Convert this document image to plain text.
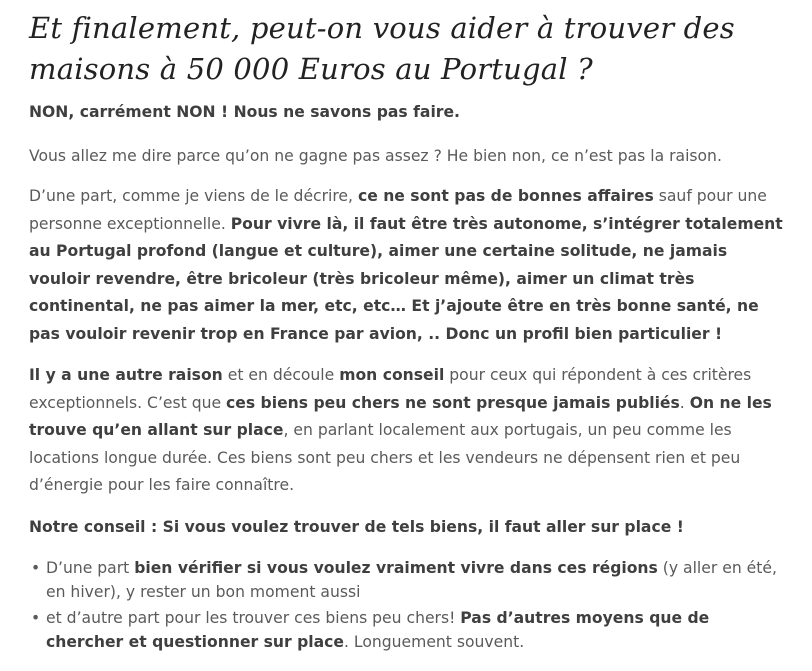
Et finalement, peut-on vous aider à trouver des maisons à 50 000 Euros au Portugal ?

NON, carrément NON ! Nous ne savons pas faire.

Vous allez me dire parce qu’on ne gagne pas assez ? He bien non, ce n’est pas la raison.

D’une part, comme je viens de le décrire, ce ne sont pas de bonnes affaires sauf pour une personne exceptionnelle. Pour vivre là, il faut être très autonome, s’intégrer totalement au Portugal profond (langue et culture), aimer une certaine solitude, ne jamais vouloir revendre, être bricoleur (très bricoleur même), aimer un climat très continental, ne pas aimer la mer, etc, etc… Et j’ajoute être en très bonne santé, ne pas vouloir revenir trop en France par avion, .. Donc un profil bien particulier !

Il y a une autre raison et en découle mon conseil pour ceux qui répondent à ces critères exceptionnels. C’est que ces biens peu chers ne sont presque jamais publiés. On ne les trouve qu’en allant sur place, en parlant localement aux portugais, un peu comme les locations longue durée. Ces biens sont peu chers et les vendeurs ne dépensent rien et peu d’énergie pour les faire connaître.

Notre conseil : Si vous voulez trouver de tels biens, il faut aller sur place !

• D’une part bien vérifier si vous voulez vraiment vivre dans ces régions (y aller en été, en hiver), y rester un bon moment aussi
• et d’autre part pour les trouver ces biens peu chers! Pas d’autres moyens que de chercher et questionner sur place. Longuement souvent.
